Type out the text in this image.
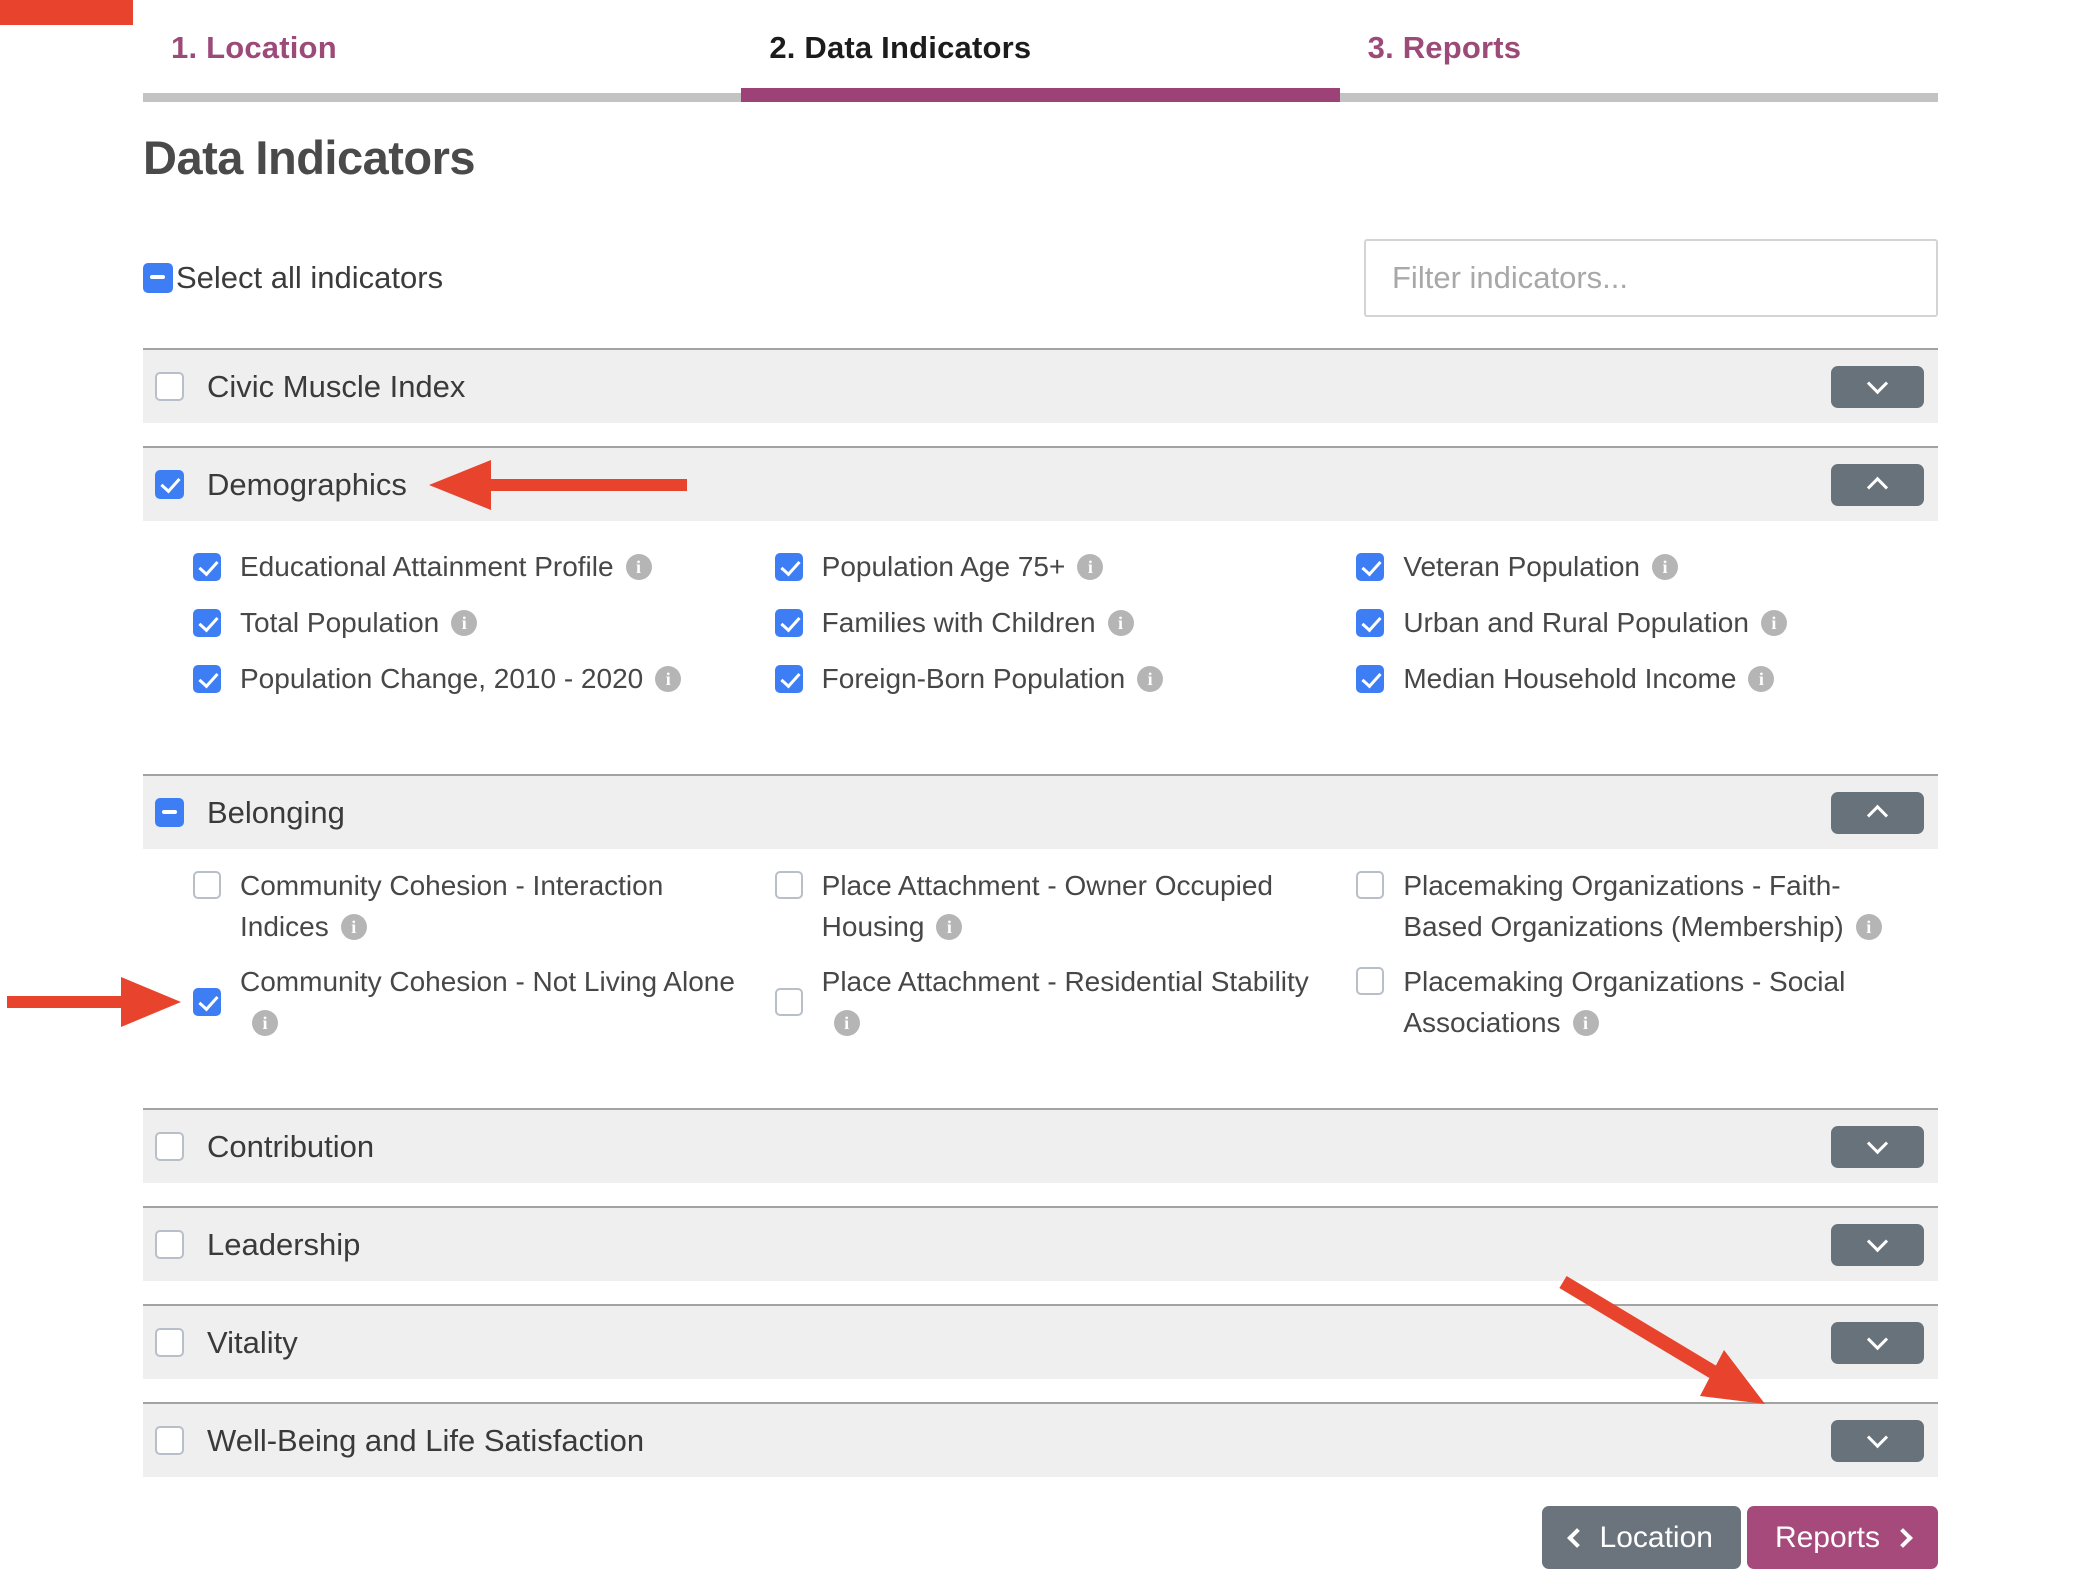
1. Location	2. Data Indicators	3. Reports
Data Indicators
Select all indicators
Filter indicators...
Civic Muscle Index
Demographics
Educational Attainment Profilei
Total Populationi
Population Change, 2010 - 2020i
Population Age 75+i
Families with Childreni
Foreign-Born Populationi
Veteran Populationi
Urban and Rural Populationi
Median Household Incomei
Belonging
Community Cohesion - Interaction Indicesi
Community Cohesion - Not Living Alonei
Place Attachment - Owner Occupied Housingi
Place Attachment - Residential Stabilityi
Placemaking Organizations - Faith-Based Organizations (Membership)i
Placemaking Organizations - Social Associationsi
Contribution
Leadership
Vitality
Well-Being and Life Satisfaction
Location Reports
